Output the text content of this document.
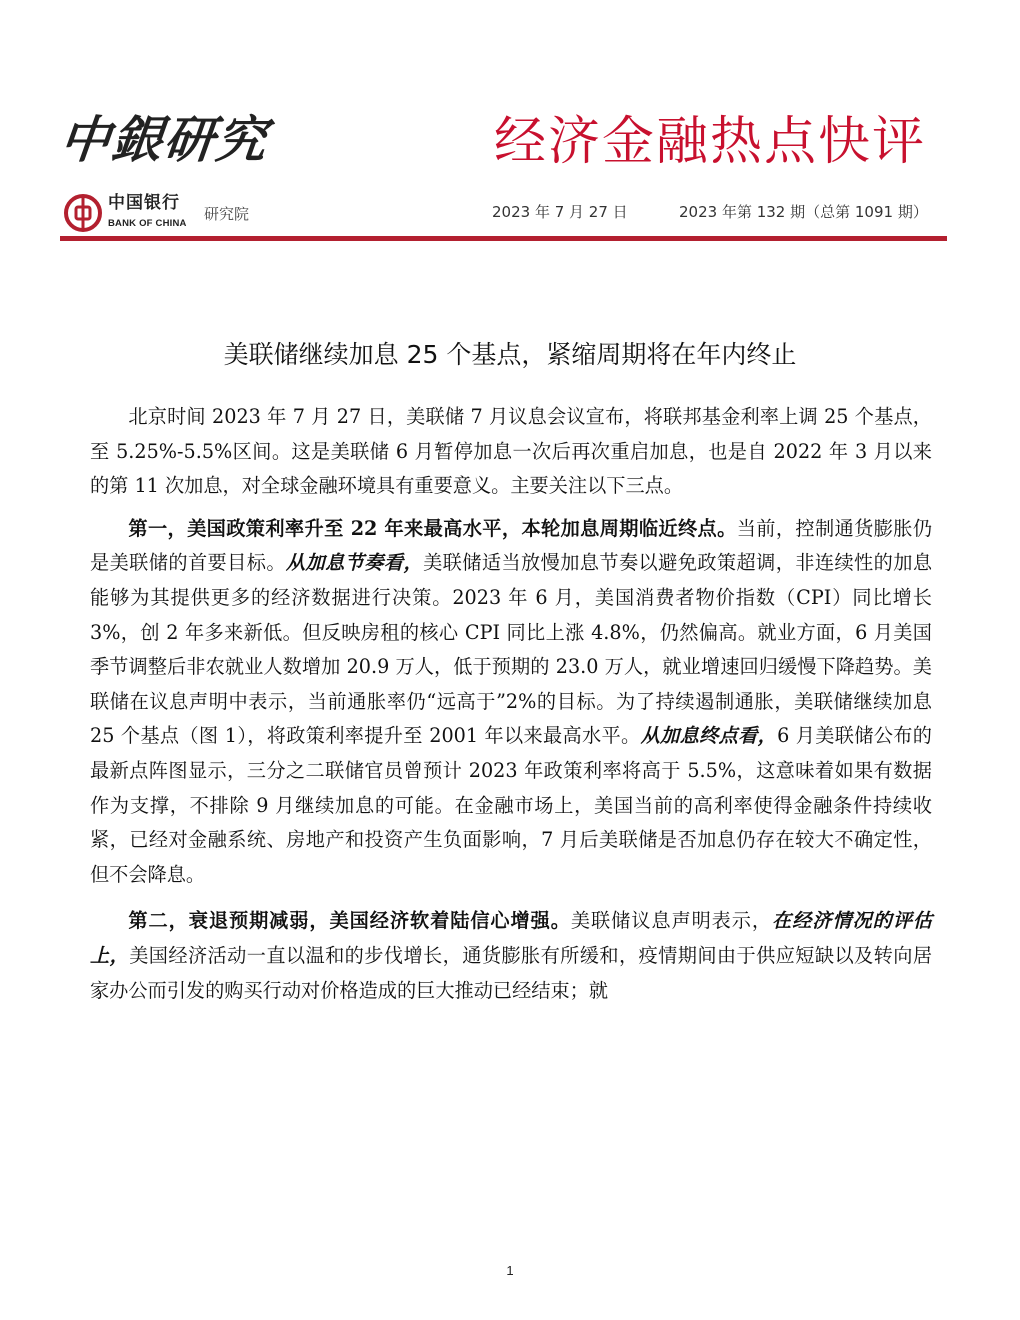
中銀研究	经济金融热点快评
中国银行
BANK OF CHINA
研究院	2023 年 7 月 27 日	2023 年第 132 期（总第 1091 期）
美联储继续加息 25 个基点，紧缩周期将在年内终止

北京时间 2023 年 7 月 27 日，美联储 7 月议息会议宣布，将联邦基金利率上调 25 个基点，至 5.25%-5.5%区间。这是美联储 6 月暂停加息一次后再次重启加息，也是自 2022 年 3 月以来的第 11 次加息，对全球金融环境具有重要意义。主要关注以下三点。

第一，美国政策利率升至 22 年来最高水平，本轮加息周期临近终点。当前，控制通货膨胀仍是美联储的首要目标。从加息节奏看，美联储适当放慢加息节奏以避免政策超调，非连续性的加息能够为其提供更多的经济数据进行决策。2023 年 6 月，美国消费者物价指数（CPI）同比增长 3%，创 2 年多来新低。但反映房租的核心 CPI 同比上涨 4.8%，仍然偏高。就业方面，6 月美国季节调整后非农就业人数增加 20.9 万人，低于预期的 23.0 万人，就业增速回归缓慢下降趋势。美联储在议息声明中表示，当前通胀率仍“远高于”2%的目标。为了持续遏制通胀，美联储继续加息 25 个基点（图 1），将政策利率提升至 2001 年以来最高水平。从加息终点看，6 月美联储公布的最新点阵图显示，三分之二联储官员曾预计 2023 年政策利率将高于 5.5%，这意味着如果有数据作为支撑，不排除 9 月继续加息的可能。在金融市场上，美国当前的高利率使得金融条件持续收紧，已经对金融系统、房地产和投资产生负面影响，7 月后美联储是否加息仍存在较大不确定性，但不会降息。

第二，衰退预期减弱，美国经济软着陆信心增强。美联储议息声明表示，在经济情况的评估上，美国经济活动一直以温和的步伐增长，通货膨胀有所缓和，疫情期间由于供应短缺以及转向居家办公而引发的购买行动对价格造成的巨大推动已经结束；就

1
